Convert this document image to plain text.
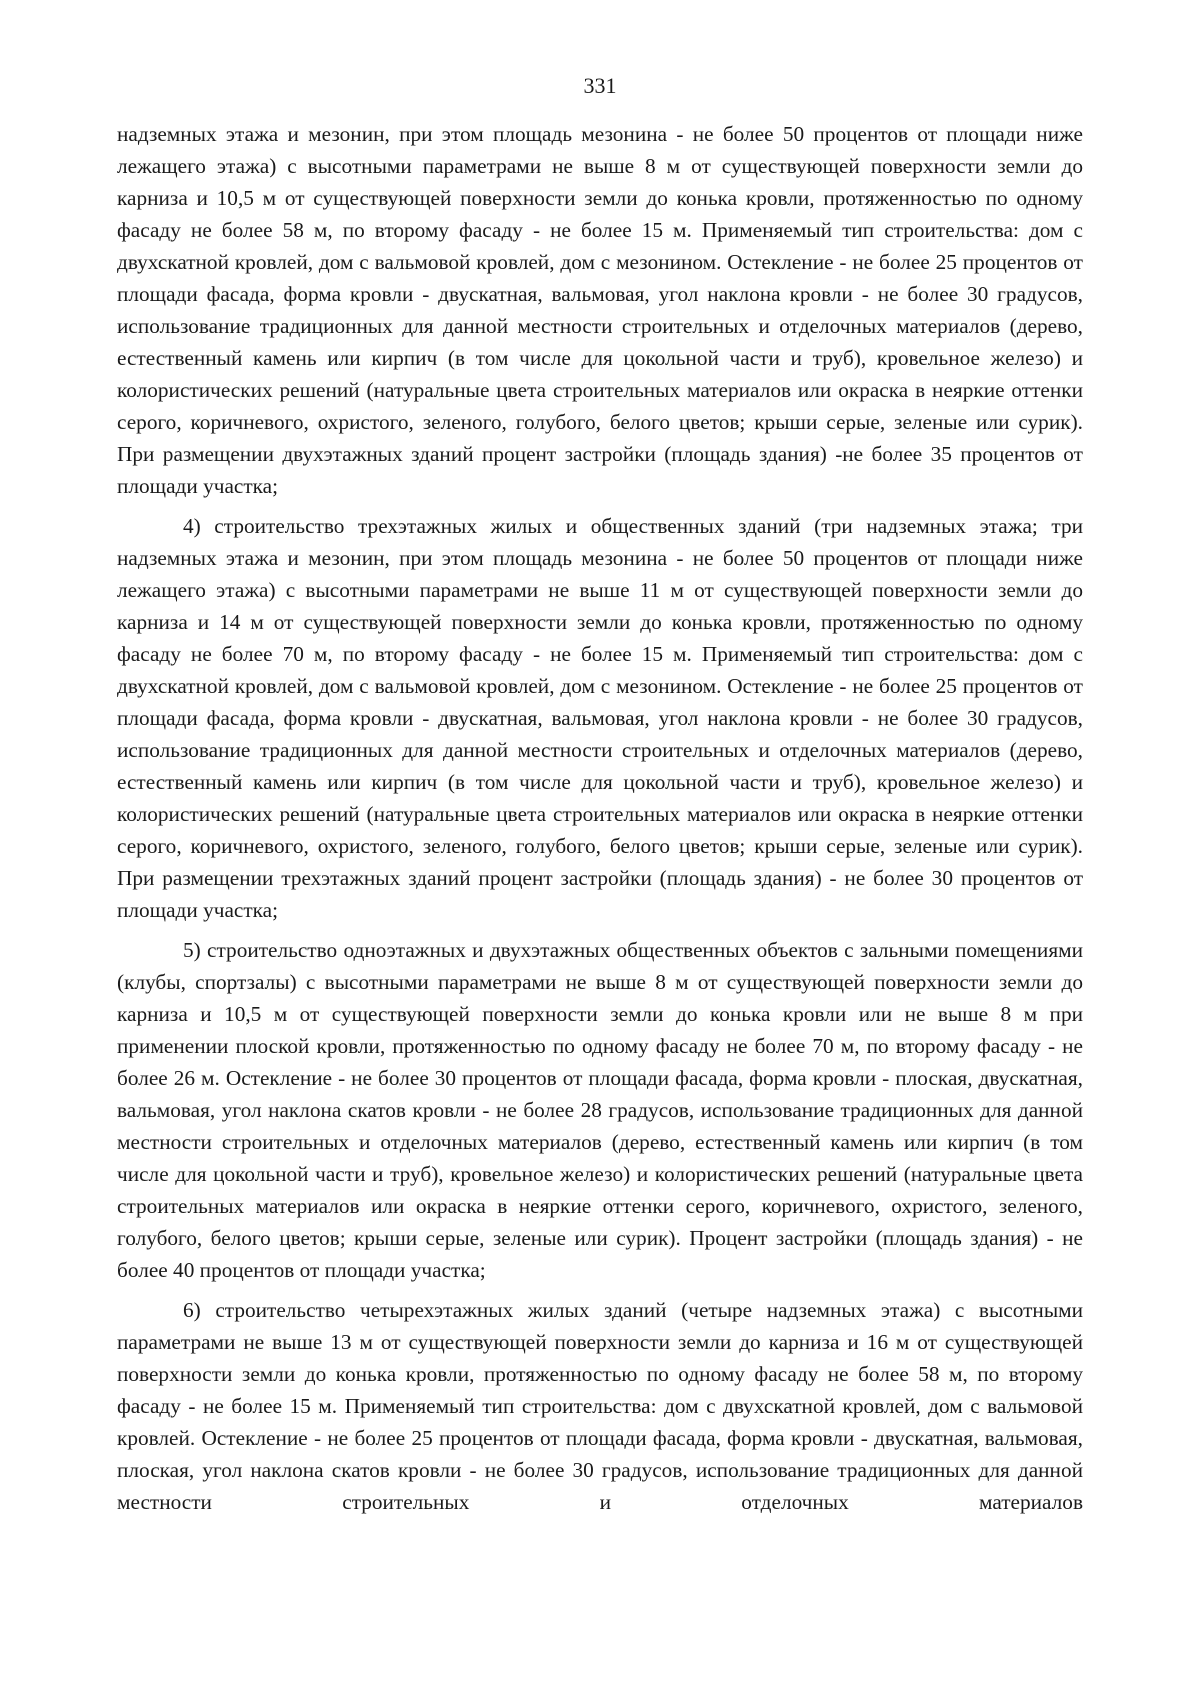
331

надземных этажа и мезонин, при этом площадь мезонина - не более 50 процентов от площади ниже лежащего этажа) с высотными параметрами не выше 8 м от существующей поверхности земли до карниза и 10,5 м от существующей поверхности земли до конька кровли, протяженностью по одному фасаду не более 58 м, по второму фасаду - не более 15 м. Применяемый тип строительства: дом с двухскатной кровлей, дом с вальмовой кровлей, дом с мезонином. Остекление - не более 25 процентов от площади фасада, форма кровли - двускатная, вальмовая, угол наклона кровли - не более 30 градусов, использование традиционных для данной местности строительных и отделочных материалов (дерево, естественный камень или кирпич (в том числе для цокольной части и труб), кровельное железо) и колористических решений (натуральные цвета строительных материалов или окраска в неяркие оттенки серого, коричневого, охристого, зеленого, голубого, белого цветов; крыши серые, зеленые или сурик). При размещении двухэтажных зданий процент застройки (площадь здания) -не более 35 процентов от площади участка;

4) строительство трехэтажных жилых и общественных зданий (три надземных этажа; три надземных этажа и мезонин, при этом площадь мезонина - не более 50 процентов от площади ниже лежащего этажа) с высотными параметрами не выше 11 м от существующей поверхности земли до карниза и 14 м от существующей поверхности земли до конька кровли, протяженностью по одному фасаду не более 70 м, по второму фасаду - не более 15 м. Применяемый тип строительства: дом с двухскатной кровлей, дом с вальмовой кровлей, дом с мезонином. Остекление - не более 25 процентов от площади фасада, форма кровли - двускатная, вальмовая, угол наклона кровли - не более 30 градусов, использование традиционных для данной местности строительных и отделочных материалов (дерево, естественный камень или кирпич (в том числе для цокольной части и труб), кровельное железо) и колористических решений (натуральные цвета строительных материалов или окраска в неяркие оттенки серого, коричневого, охристого, зеленого, голубого, белого цветов; крыши серые, зеленые или сурик). При размещении трехэтажных зданий процент застройки (площадь здания) - не более 30 процентов от площади участка;

5) строительство одноэтажных и двухэтажных общественных объектов с зальными помещениями (клубы, спортзалы) с высотными параметрами не выше 8 м от существующей поверхности земли до карниза и 10,5 м от существующей поверхности земли до конька кровли или не выше 8 м при применении плоской кровли, протяженностью по одному фасаду не более 70 м, по второму фасаду - не более 26 м. Остекление - не более 30 процентов от площади фасада, форма кровли - плоская, двускатная, вальмовая, угол наклона скатов кровли - не более 28 градусов, использование традиционных для данной местности строительных и отделочных материалов (дерево, естественный камень или кирпич (в том числе для цокольной части и труб), кровельное железо) и колористических решений (натуральные цвета строительных материалов или окраска в неяркие оттенки серого, коричневого, охристого, зеленого, голубого, белого цветов; крыши серые, зеленые или сурик). Процент застройки (площадь здания) - не более 40 процентов от площади участка;

6) строительство четырехэтажных жилых зданий (четыре надземных этажа) с высотными параметрами не выше 13 м от существующей поверхности земли до карниза и 16 м от существующей поверхности земли до конька кровли, протяженностью по одному фасаду не более 58 м, по второму фасаду - не более 15 м. Применяемый тип строительства: дом с двухскатной кровлей, дом с вальмовой кровлей. Остекление - не более 25 процентов от площади фасада, форма кровли - двускатная, вальмовая, плоская, угол наклона скатов кровли - не более 30 градусов, использование традиционных для данной местности строительных и отделочных материалов
